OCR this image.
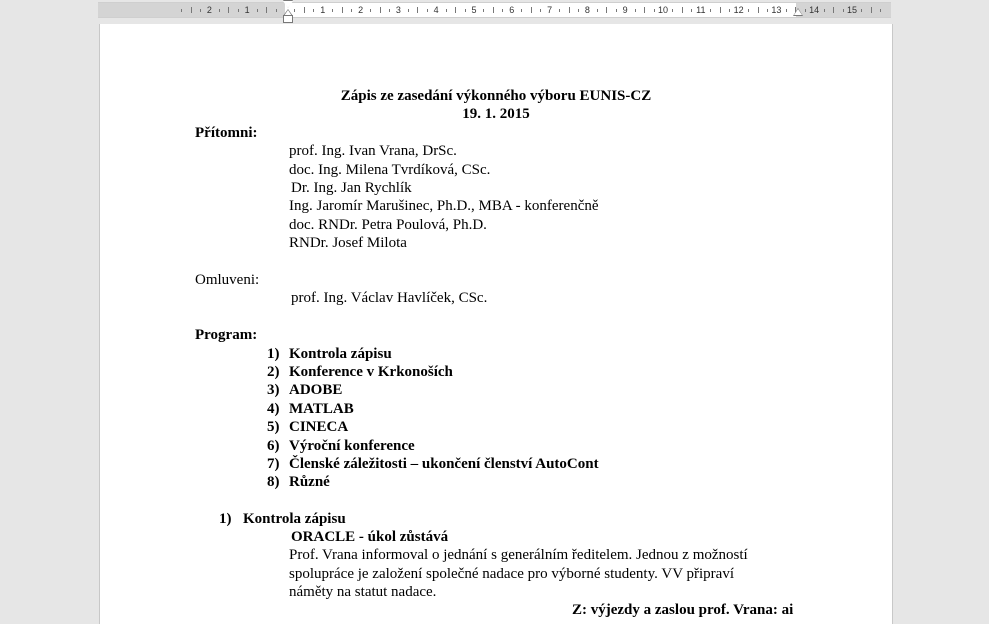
2	1	1	2	3	4	5	6	7	8	9	10	11	12	13	14	15
Zápis ze zasedání výkonného výboru EUNIS-CZ
19. 1. 2015
Přítomni:
prof. Ing. Ivan Vrana, DrSc.
doc. Ing. Milena Tvrdíková, CSc.
Dr. Ing. Jan Rychlík
Ing. Jaromír Marušinec, Ph.D., MBA - konferenčně
doc. RNDr. Petra Poulová, Ph.D.
RNDr. Josef Milota
Omluveni:
prof. Ing. Václav Havlíček, CSc.
Program:
1) Kontrola zápisu
2) Konference v Krkonoších
3) ADOBE
4) MATLAB
5) CINECA
6) Výroční konference
7) Členské záležitosti – ukončení členství AutoCont
8) Různé
1) Kontrola zápisu
ORACLE - úkol zůstává
Prof. Vrana informoval o jednání s generálním ředitelem. Jednou z možností
spolupráce je založení společné nadace pro výborné studenty. VV připraví
náměty na statut nadace.
Z: výjezdy a zaslou prof. Vrana: ai
